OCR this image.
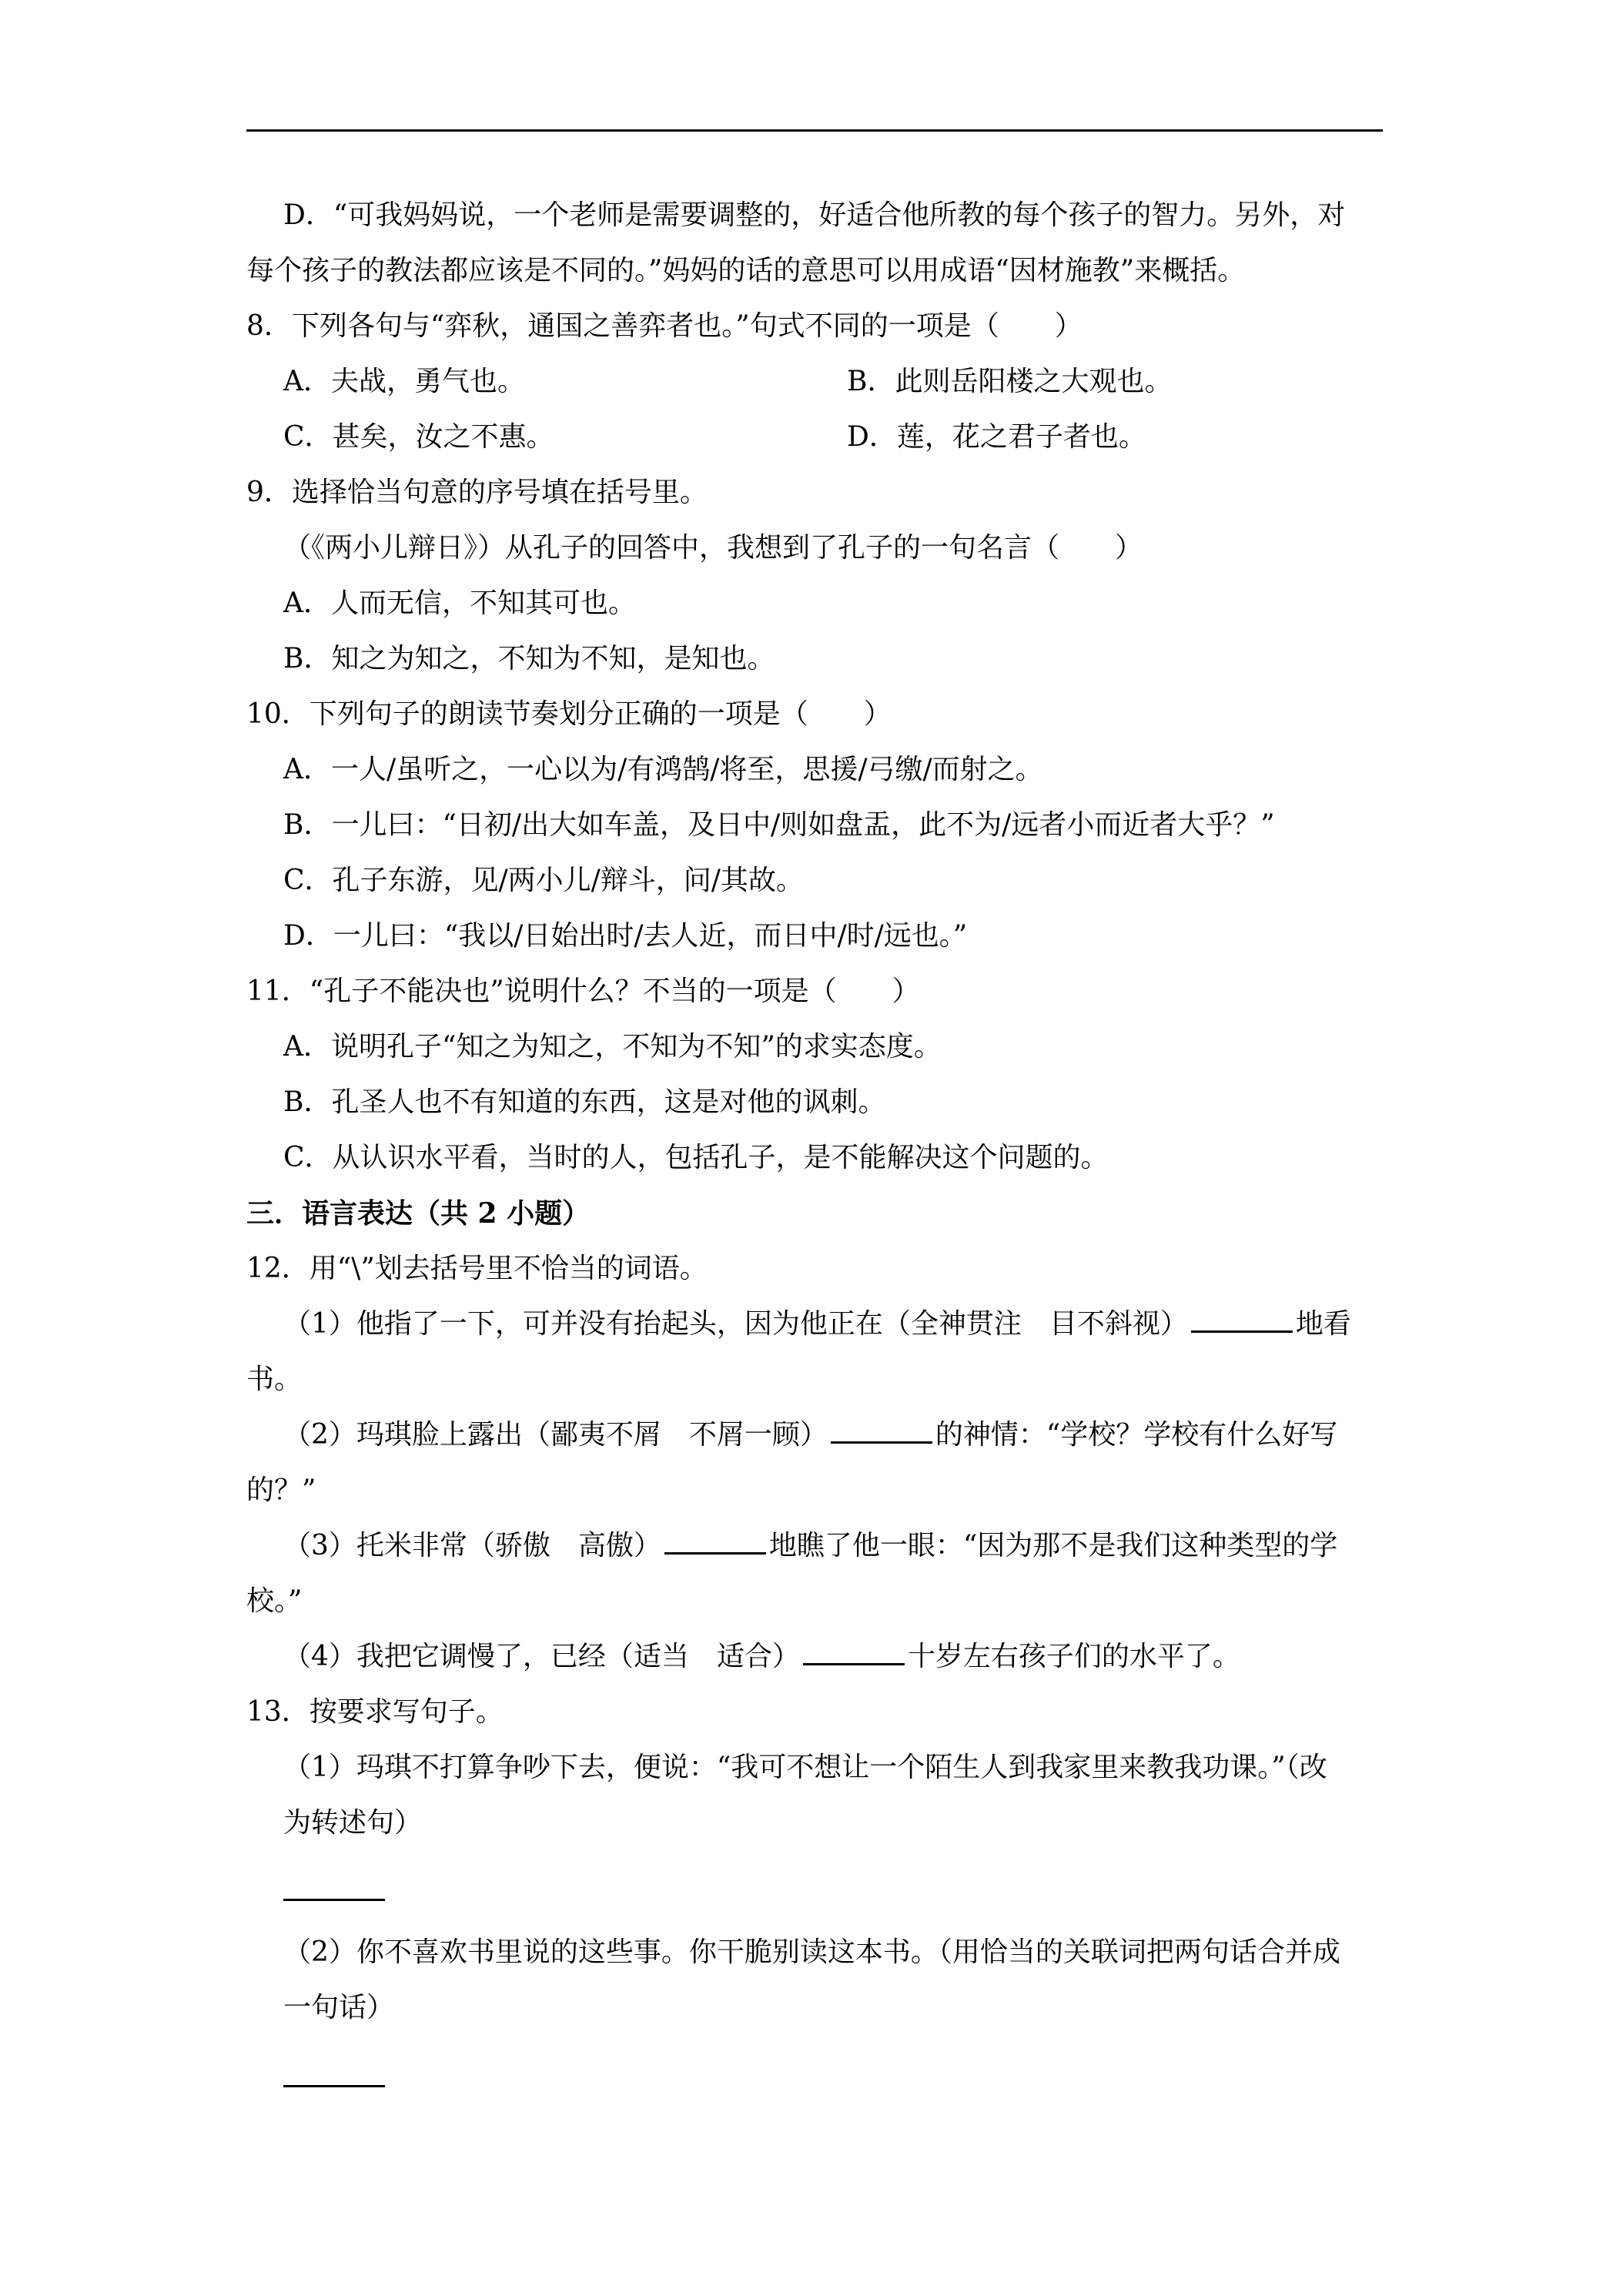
D．“可我妈妈说，一个老师是需要调整的，好适合他所教的每个孩子的智力。另外，对
每个孩子的教法都应该是不同的。”妈妈的话的意思可以用成语“因材施教”来概括。
8．下列各句与“弈秋，通国之善弈者也。”句式不同的一项是（　　）
A．夫战，勇气也。	B．此则岳阳楼之大观也。
C．甚矣，汝之不惠。	D．莲，花之君子者也。
9．选择恰当句意的序号填在括号里。
（《两小儿辩日》）从孔子的回答中，我想到了孔子的一句名言（　　）
A．人而无信，不知其可也。
B．知之为知之，不知为不知，是知也。
10．下列句子的朗读节奏划分正确的一项是（　　）
A．一人/虽听之，一心以为/有鸿鹄/将至，思援/弓缴/而射之。
B．一儿曰：“日初/出大如车盖，及日中/则如盘盂，此不为/远者小而近者大乎？”
C．孔子东游，见/两小儿/辩斗，问/其故。
D．一儿曰：“我以/日始出时/去人近，而日中/时/远也。”
11．“孔子不能决也”说明什么？不当的一项是（　　）
A．说明孔子“知之为知之，不知为不知”的求实态度。
B．孔圣人也不有知道的东西，这是对他的讽刺。
C．从认识水平看，当时的人，包括孔子，是不能解决这个问题的。
三．语言表达（共 2 小题）
12．用“\”划去括号里不恰当的词语。
（1）他指了一下，可并没有抬起头，因为他正在（全神贯注　目不斜视）	地看
书。
（2）玛琪脸上露出（鄙夷不屑　不屑一顾）	的神情：“学校？学校有什么好写
的？”
（3）托米非常（骄傲　高傲）	地瞧了他一眼：“因为那不是我们这种类型的学
校。”
（4）我把它调慢了，已经（适当　适合）	十岁左右孩子们的水平了。
13．按要求写句子。
（1）玛琪不打算争吵下去，便说：“我可不想让一个陌生人到我家里来教我功课。”（改
为转述句）
（2）你不喜欢书里说的这些事。你干脆别读这本书。（用恰当的关联词把两句话合并成
一句话）
